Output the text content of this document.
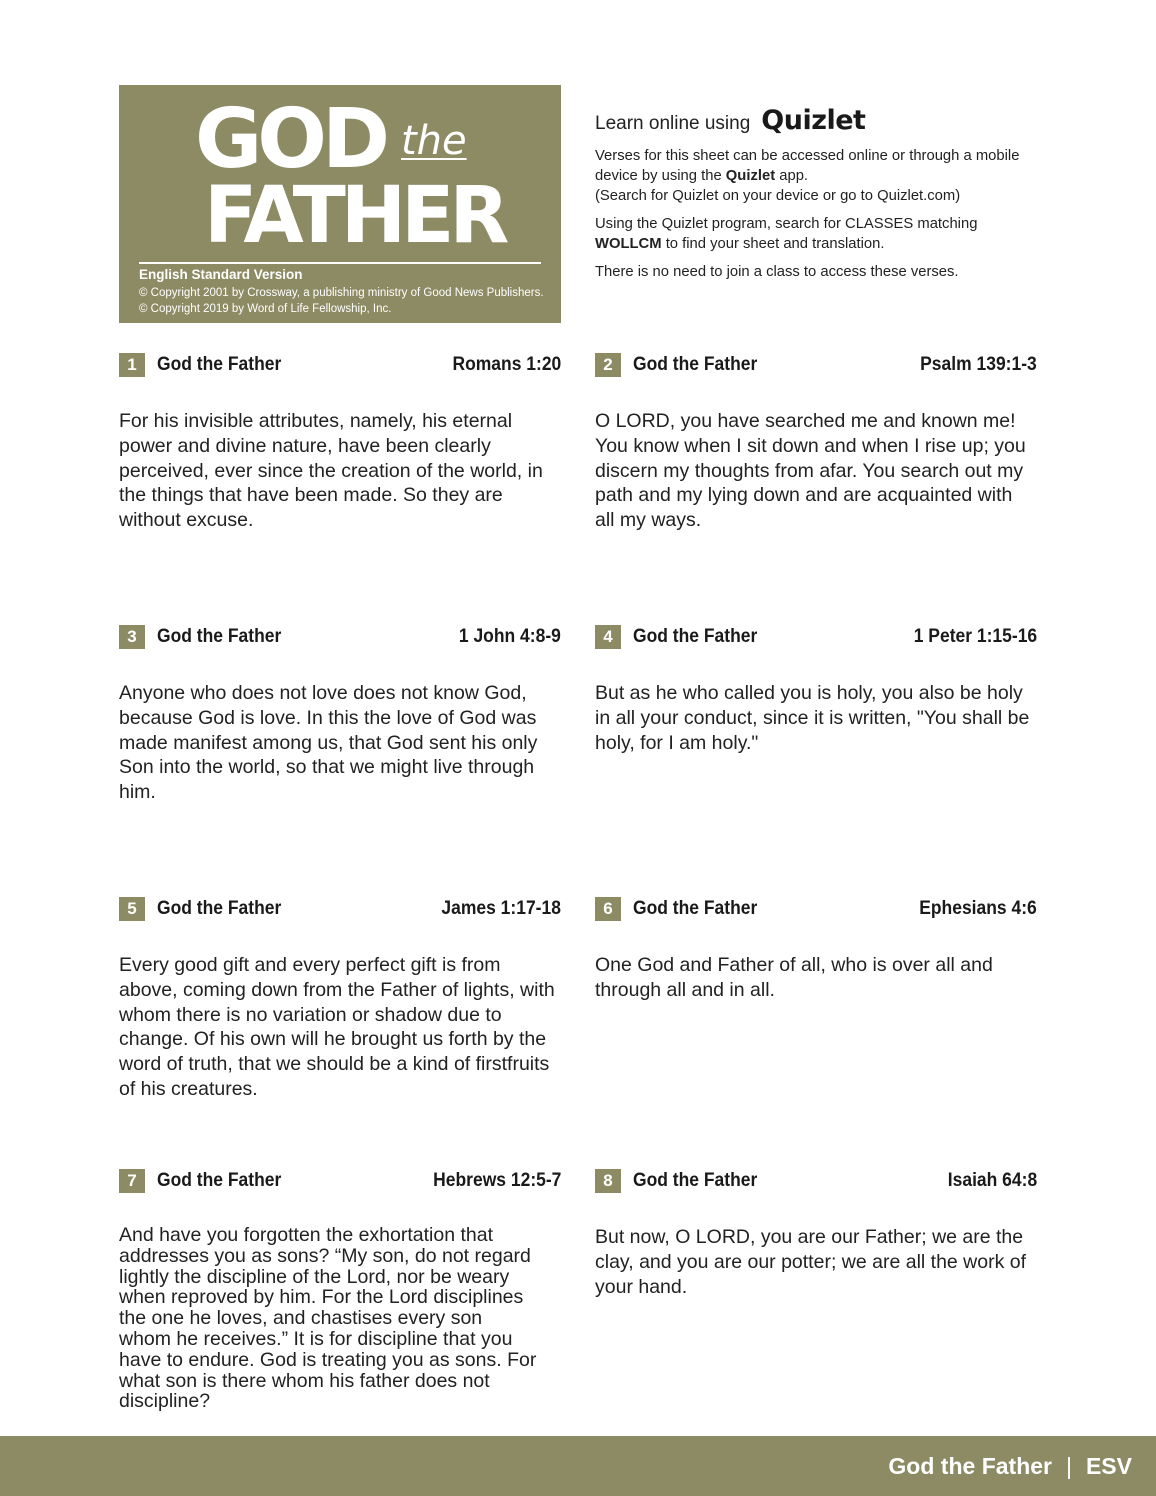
GOD the
FATHER
English Standard Version
© Copyright 2001 by Crossway, a publishing ministry of Good News Publishers. © Copyright 2019 by Word of Life Fellowship, Inc.
Learn online using Quizlet

Verses for this sheet can be accessed online or through a mobile device by using the Quizlet app.

(Search for Quizlet on your device or go to Quizlet.com)

Using the Quizlet program, search for CLASSES matching WOLLCM to find your sheet and translation.

There is no need to join a class to access these verses.

1	God the Father	Romans 1:20
For his invisible attributes, namely, his eternal power and divine nature, have been clearly perceived, ever since the creation of the world, in the things that have been made. So they are without excuse.
2	God the Father	Psalm 139:1-3
O LORD, you have searched me and known me! You know when I sit down and when I rise up; you discern my thoughts from afar. You search out my path and my lying down and are acquainted with all my ways.
3	God the Father	1 John 4:8-9
Anyone who does not love does not know God, because God is love. In this the love of God was made manifest among us, that God sent his only Son into the world, so that we might live through him.
4	God the Father	1 Peter 1:15-16
But as he who called you is holy, you also be holy in all your conduct, since it is written, "You shall be holy, for I am holy."
5	God the Father	James 1:17-18
Every good gift and every perfect gift is from above, coming down from the Father of lights, with whom there is no variation or shadow due to change. Of his own will he brought us forth by the word of truth, that we should be a kind of firstfruits of his creatures.
6	God the Father	Ephesians 4:6
One God and Father of all, who is over all and through all and in all.
7	God the Father	Hebrews 12:5-7
And have you forgotten the exhortation that addresses you as sons? “My son, do not regard lightly the discipline of the Lord, nor be weary when reproved by him. For the Lord disciplines the one he loves, and chastises every son whom he receives.” It is for discipline that you have to endure. God is treating you as sons. For what son is there whom his father does not discipline?
8	God the Father	Isaiah 64:8
But now, O LORD, you are our Father; we are the clay, and you are our potter; we are all the work of your hand.
God the Father | ESV
